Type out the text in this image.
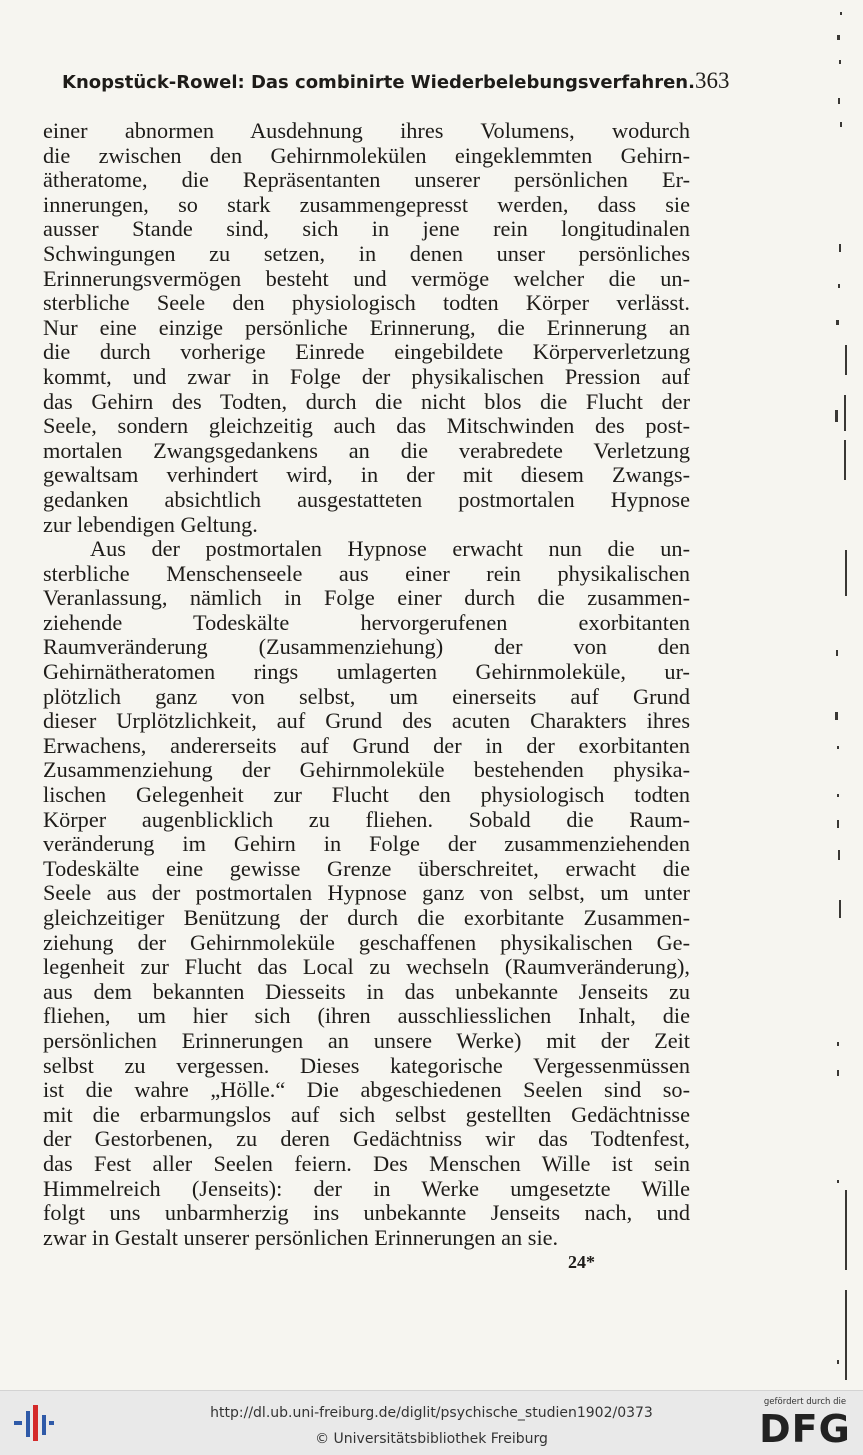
Knopstück-Rowel: Das combinirte Wiederbelebungsverfahren. 363
einer abnormen Ausdehnung ihres Volumens, wodurch
die zwischen den Gehirnmolekülen eingeklemmten Gehirn-
ätheratome, die Repräsentanten unserer persönlichen Er-
innerungen, so stark zusammengepresst werden, dass sie
ausser Stande sind, sich in jene rein longitudinalen
Schwingungen zu setzen, in denen unser persönliches
Erinnerungsvermögen besteht und vermöge welcher die un-
sterbliche Seele den physiologisch todten Körper verlässt.
Nur eine einzige persönliche Erinnerung, die Erinnerung an
die durch vorherige Einrede eingebildete Körperverletzung
kommt, und zwar in Folge der physikalischen Pression auf
das Gehirn des Todten, durch die nicht blos die Flucht der
Seele, sondern gleichzeitig auch das Mitschwinden des post-
mortalen Zwangsgedankens an die verabredete Verletzung
gewaltsam verhindert wird, in der mit diesem Zwangs-
gedanken absichtlich ausgestatteten postmortalen Hypnose
zur lebendigen Geltung.
Aus der postmortalen Hypnose erwacht nun die un-
sterbliche Menschenseele aus einer rein physikalischen
Veranlassung, nämlich in Folge einer durch die zusammen-
ziehende Todeskälte hervorgerufenen exorbitanten
Raumveränderung (Zusammenziehung) der von den
Gehirnätheratomen rings umlagerten Gehirnmoleküle, ur-
plötzlich ganz von selbst, um einerseits auf Grund
dieser Urplötzlichkeit, auf Grund des acuten Charakters ihres
Erwachens, andererseits auf Grund der in der exorbitanten
Zusammenziehung der Gehirnmoleküle bestehenden physika-
lischen Gelegenheit zur Flucht den physiologisch todten
Körper augenblicklich zu fliehen. Sobald die Raum-
veränderung im Gehirn in Folge der zusammenziehenden
Todeskälte eine gewisse Grenze überschreitet, erwacht die
Seele aus der postmortalen Hypnose ganz von selbst, um unter
gleichzeitiger Benützung der durch die exorbitante Zusammen-
ziehung der Gehirnmoleküle geschaffenen physikalischen Ge-
legenheit zur Flucht das Local zu wechseln (Raumveränderung),
aus dem bekannten Diesseits in das unbekannte Jenseits zu
fliehen, um hier sich (ihren ausschliesslichen Inhalt, die
persönlichen Erinnerungen an unsere Werke) mit der Zeit
selbst zu vergessen. Dieses kategorische Vergessenmüssen
ist die wahre „Hölle.“ Die abgeschiedenen Seelen sind so-
mit die erbarmungslos auf sich selbst gestellten Gedächtnisse
der Gestorbenen, zu deren Gedächtniss wir das Todtenfest,
das Fest aller Seelen feiern. Des Menschen Wille ist sein
Himmelreich (Jenseits): der in Werke umgesetzte Wille
folgt uns unbarmherzig ins unbekannte Jenseits nach, und
zwar in Gestalt unserer persönlichen Erinnerungen an sie.
24*
http://dl.ub.uni-freiburg.de/diglit/psychische_studien1902/0373
© Universitätsbibliothek Freiburg
gefördert durch die
DFG
